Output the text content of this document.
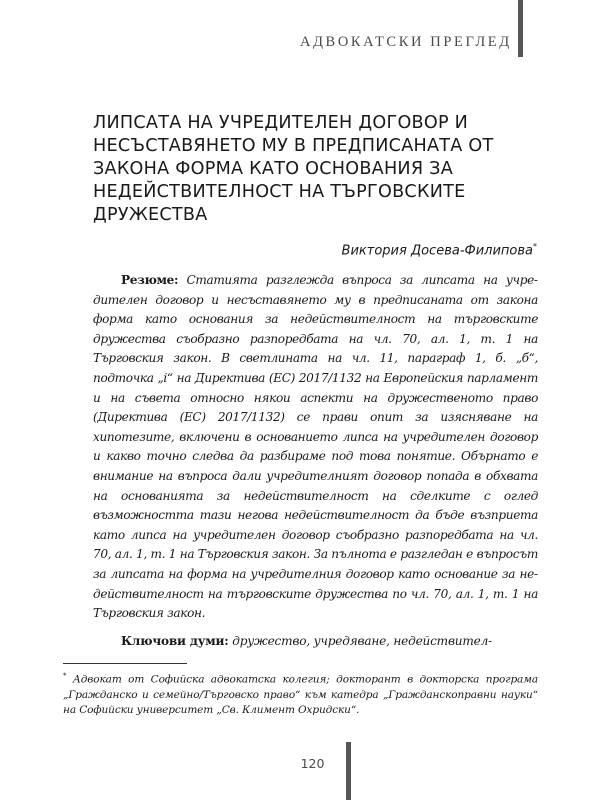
АДВОКАТСКИ ПРЕГЛЕД
ЛИПСАТА НА УЧРЕДИТЕЛЕН ДОГОВОР И НЕСЪСТАВЯНЕТО МУ В ПРЕДПИСАНАТА ОТ ЗАКОНА ФОРМА КАТО ОСНОВАНИЯ ЗА НЕДЕЙСТВИТЕЛНОСТ НА ТЪРГОВСКИТЕ ДРУЖЕСТВА
Виктория Досева-Филипова*

Резюме: Статията разглежда въпроса за липсата на учредителен договор и несъставянето му в предписаната от закона форма като основания за недействителност на търговските дружества съобразно разпоредбата на чл. 70, ал. 1, т. 1 на Търговския закон. В светлината на чл. 11, параграф 1, б. „б“, подточка „i“ на Директива (ЕС) 2017/1132 на Европейския парламент и на съвета относно някои аспекти на дружественото право (Директива (ЕС) 2017/1132) се прави опит за изясняване на хипотезите, включени в основанието липса на учредителен договор и какво точно следва да разбираме под това понятие. Обърнато е внимание на въпроса дали учредителният договор попада в обхвата на основанията за недействителност на сделките с оглед възможността тази негова недействителност да бъде възприета като липса на учредителен договор съобразно разпоредбата на чл. 70, ал. 1, т. 1 на Търговския закон. За пълнота е разгледан е въпросът за липсата на форма на учредителния договор като основание за недействителност на търговските дружества по чл. 70, ал. 1, т. 1 на Търговския закон.

Ключови думи: дружество, учредяване, недействител-

* Адвокат от Софийска адвокатска колегия; докторант в докторска програма „Гражданско и семейно/Търговско право“ към катедра „Гражданскоправни науки“ на Софийски университет „Св. Климент Охридски“.

120
